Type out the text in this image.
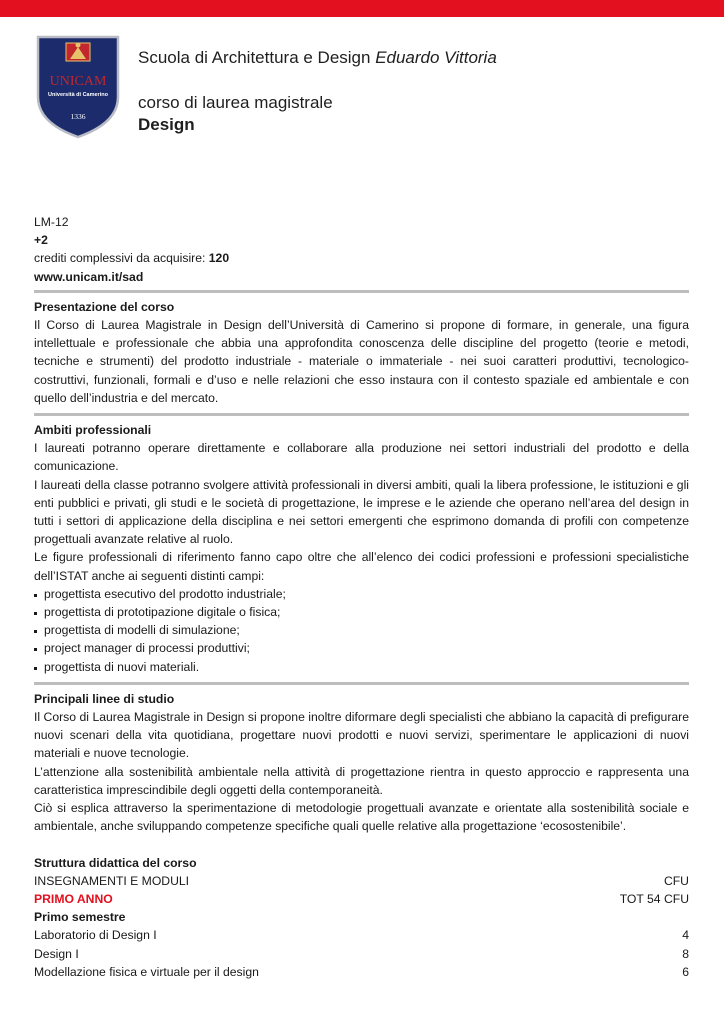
UNICAM
Università di Camerino
1336
Scuola di Architettura e Design Eduardo Vittoria
corso di laurea magistrale
Design

LM-12

+2

crediti complessivi da acquisire: 120

www.unicam.it/sad

Presentazione del corso

Il Corso di Laurea Magistrale in Design dell’Università di Camerino si propone di formare, in generale, una figura intellettuale e professionale che abbia una approfondita conoscenza delle discipline del progetto (teorie e metodi, tecniche e strumenti) del prodotto industriale - materiale o immateriale - nei suoi caratteri produttivi, tecnologico-costruttivi, funzionali, formali e d’uso e nelle relazioni che esso instaura con il contesto spaziale ed ambientale e con quello dell’industria e del mercato.

Ambiti professionali

I laureati potranno operare direttamente e collaborare alla produzione nei settori industriali del prodotto e della comunicazione.

I laureati della classe potranno svolgere attività professionali in diversi ambiti, quali la libera professione, le istituzioni e gli enti pubblici e privati, gli studi e le società di progettazione, le imprese e le aziende che operano nell’area del design in tutti i settori di applicazione della disciplina e nei settori emergenti che esprimono domanda di profili con competenze progettuali avanzate relative al ruolo.

Le figure professionali di riferimento fanno capo oltre che all’elenco dei codici professioni e professioni specialistiche dell’ISTAT anche ai seguenti distinti campi:

progettista esecutivo del prodotto industriale;
progettista di prototipazione digitale o fisica;
progettista di modelli di simulazione;
project manager di processi produttivi;
progettista di nuovi materiali.

Principali linee di studio

Il Corso di Laurea Magistrale in Design si propone inoltre diformare degli specialisti che abbiano la capacità di prefigurare nuovi scenari della vita quotidiana, progettare nuovi prodotti e nuovi servizi, sperimentare le applicazioni di nuovi materiali e nuove tecnologie.

L’attenzione alla sostenibilità ambientale nella attività di progettazione rientra in questo approccio e rappresenta una caratteristica imprescindibile degli oggetti della contemporaneità.

Ciò si esplica attraverso la sperimentazione di metodologie progettuali avanzate e orientate alla sostenibilità sociale e ambientale, anche sviluppando competenze specifiche quali quelle relative alla progettazione ‘ecosostenibile’.

Struttura didattica del corso

INSEGNAMENTI E MODULI	CFU
PRIMO ANNO	TOT 54 CFU

Primo semestre

Laboratorio di Design I	4
Design I	8
Modellazione fisica e virtuale per il design	6
